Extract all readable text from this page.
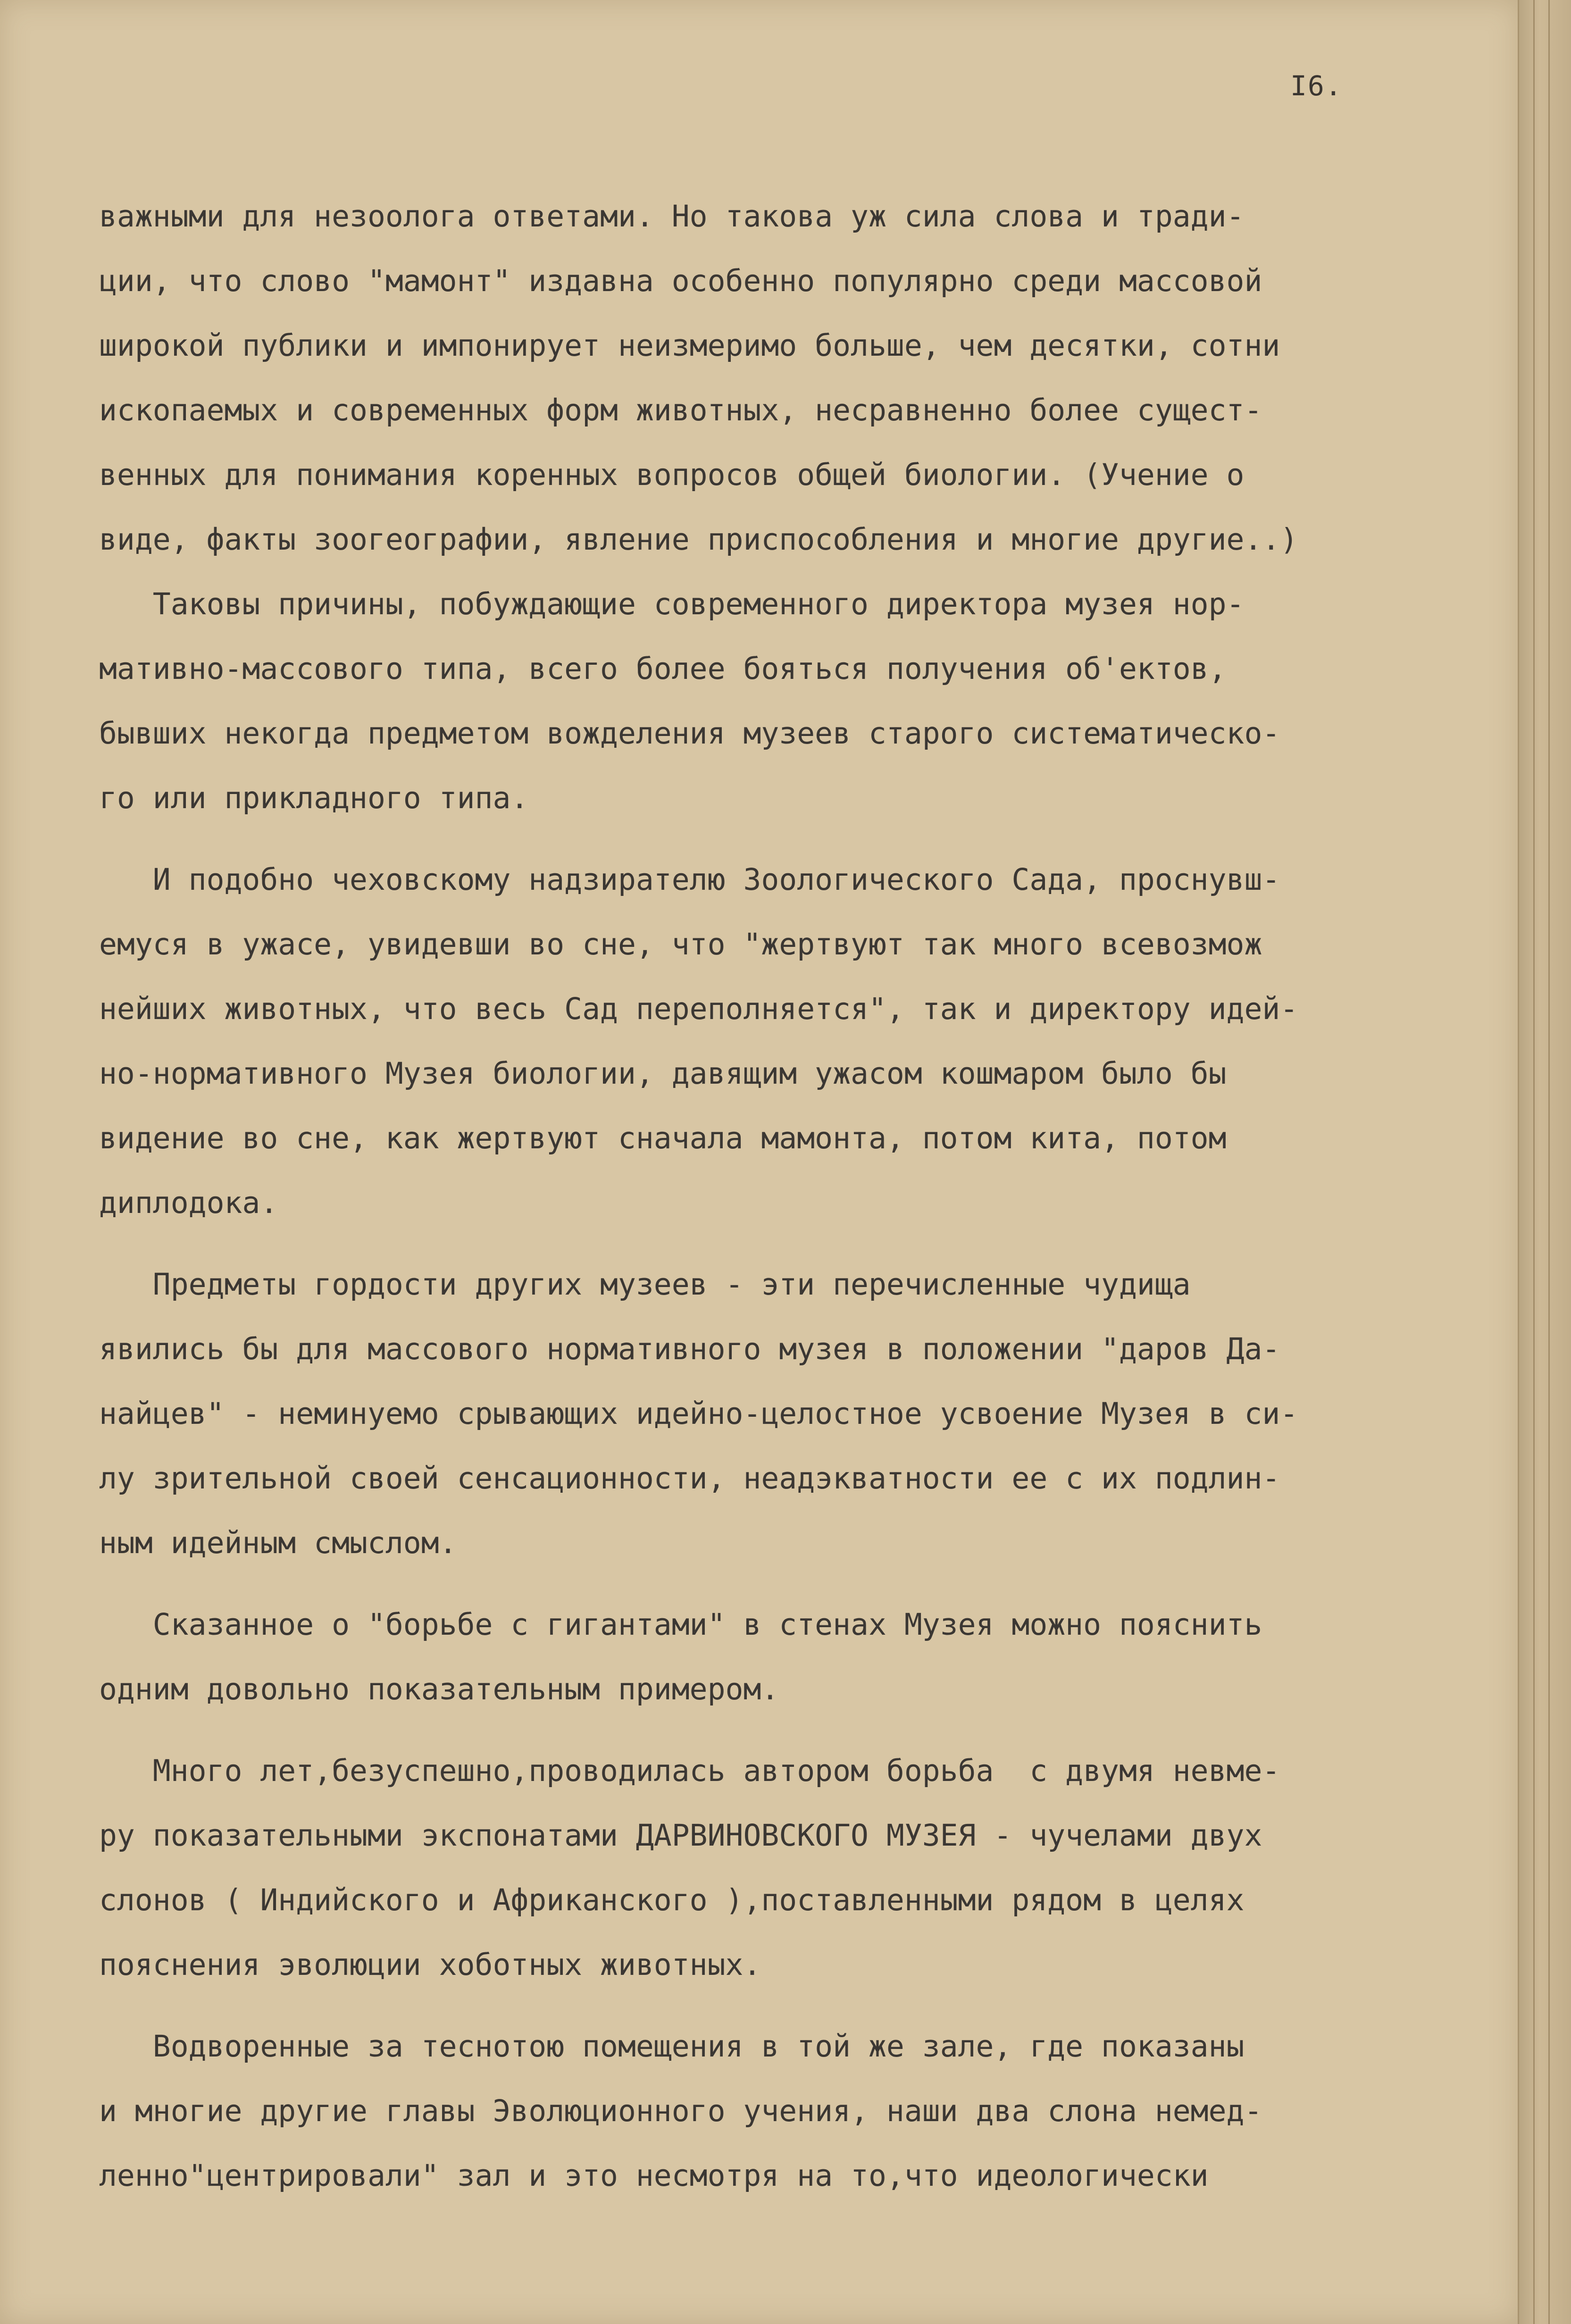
I6.
важными для незоолога ответами. Но такова уж сила слова и тради-
ции, что слово "мамонт" издавна особенно популярно среди массовой
широкой публики и импонирует неизмеримо больше, чем десятки, сотни
ископаемых и современных форм животных, несравненно более сущест-
венных для понимания коренных вопросов общей биологии. (Учение о
виде, факты зоогеографии, явление приспособления и многие другие..)
Таковы причины, побуждающие современного директора музея нор-
мативно-массового типа, всего более бояться получения об'ектов,
бывших некогда предметом вожделения музеев старого систематическо-
го или прикладного типа.
И подобно чеховскому надзирателю Зоологического Сада, проснувш-
емуся в ужасе, увидевши во сне, что "жертвуют так много всевозмож
нейших животных, что весь Сад переполняется", так и директору идей-
но-нормативного Музея биологии, давящим ужасом кошмаром было бы
видение во сне, как жертвуют сначала мамонта, потом кита, потом
диплодока.
Предметы гордости других музеев - эти перечисленные чудища
явились бы для массового нормативного музея в положении "даров Да-
найцев" - неминуемо срывающих идейно-целостное усвоение Музея в си-
лу зрительной своей сенсационности, неадэкватности ее с их подлин-
ным идейным смыслом.
Сказанное о "борьбе с гигантами" в стенах Музея можно пояснить
одним довольно показательным примером.
Много лет,безуспешно,проводилась автором борьба  с двумя невме-
ру показательными экспонатами ДАРВИНОВСКОГО МУЗЕЯ - чучелами двух
слонов ( Индийского и Африканского ),поставленными рядом в целях
пояснения эволюции хоботных животных.
Водворенные за теснотою помещения в той же зале, где показаны
и многие другие главы Эволюционного учения, наши два слона немед-
ленно"центрировали" зал и это несмотря на то,что идеологически
